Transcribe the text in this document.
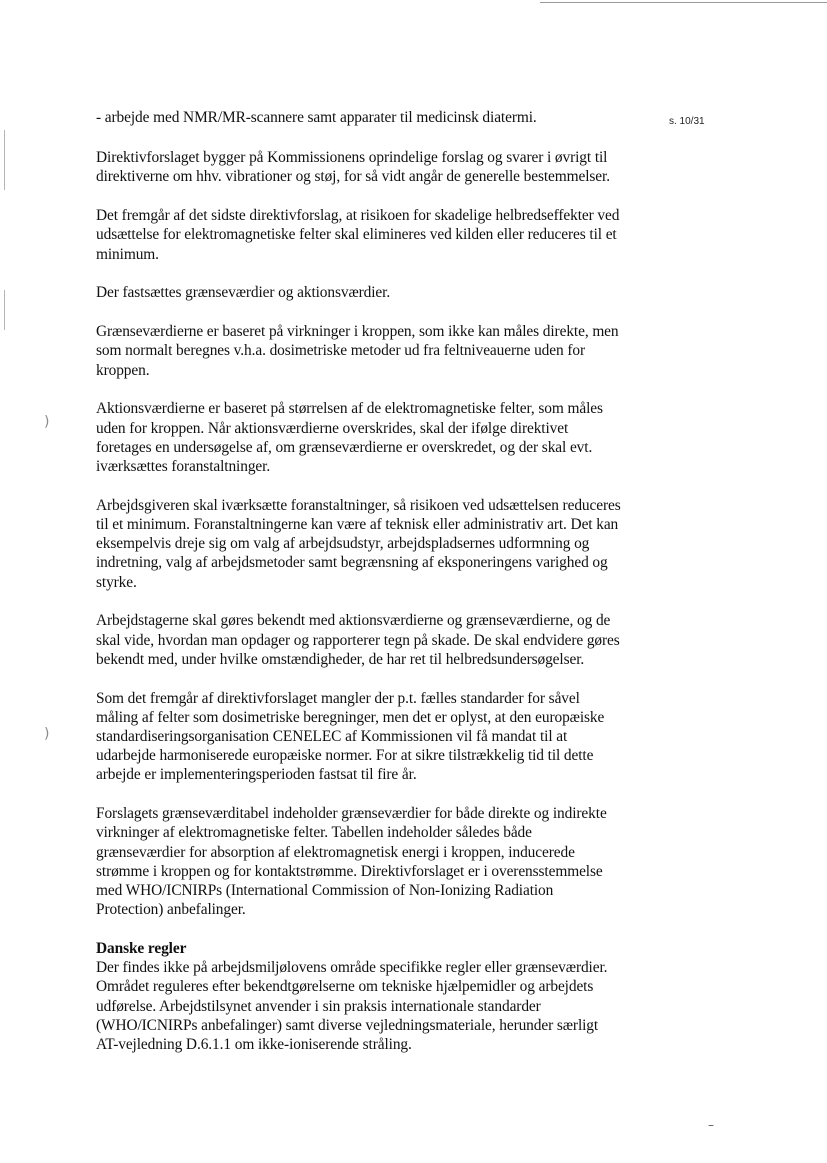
)
)
s. 10/31

- arbejde med NMR/MR-scannere samt apparater til medicinsk diatermi.

Direktivforslaget bygger på Kommissionens oprindelige forslag og svarer i øvrigt til direktiverne om hhv. vibrationer og støj, for så vidt angår de generelle bestemmelser.

Det fremgår af det sidste direktivforslag, at risikoen for skadelige helbredseffekter ved udsættelse for elektromagnetiske felter skal elimineres ved kilden eller reduceres til et minimum.

Der fastsættes grænseværdier og aktionsværdier.

Grænseværdierne er baseret på virkninger i kroppen, som ikke kan måles direkte, men som normalt beregnes v.h.a. dosimetriske metoder ud fra feltniveauerne uden for kroppen.

Aktionsværdierne er baseret på størrelsen af de elektromagnetiske felter, som måles uden for kroppen. Når aktionsværdierne overskrides, skal der ifølge direktivet foretages en undersøgelse af, om grænseværdierne er overskredet, og der skal evt. iværksættes foranstaltninger.

Arbejdsgiveren skal iværksætte foranstaltninger, så risikoen ved udsættelsen reduceres til et minimum. Foranstaltningerne kan være af teknisk eller administrativ art. Det kan eksempelvis dreje sig om valg af arbejdsudstyr, arbejdspladsernes udformning og indretning, valg af arbejdsmetoder samt begrænsning af eksponeringens varighed og styrke.

Arbejdstagerne skal gøres bekendt med aktionsværdierne og grænseværdierne, og de skal vide, hvordan man opdager og rapporterer tegn på skade. De skal endvidere gøres bekendt med, under hvilke omstændigheder, de har ret til helbredsundersøgelser.

Som det fremgår af direktivforslaget mangler der p.t. fælles standarder for såvel måling af felter som dosimetriske beregninger, men det er oplyst, at den europæiske standardiseringsorganisation CENELEC af Kommissionen vil få mandat til at udarbejde harmoniserede europæiske normer. For at sikre tilstrækkelig tid til dette arbejde er implementeringsperioden fastsat til fire år.

Forslagets grænseværditabel indeholder grænseværdier for både direkte og indirekte virkninger af elektromagnetiske felter. Tabellen indeholder således både grænseværdier for absorption af elektromagnetisk energi i kroppen, inducerede strømme i kroppen og for kontaktstrømme. Direktivforslaget er i overensstemmelse med WHO/ICNIRPs (International Commission of Non-Ionizing Radiation Protection) anbefalinger.

Danske regler

Der findes ikke på arbejdsmiljølovens område specifikke regler eller grænseværdier. Området reguleres efter bekendtgørelserne om tekniske hjælpemidler og arbejdets udførelse. Arbejdstilsynet anvender i sin praksis internationale standarder (WHO/ICNIRPs anbefalinger) samt diverse vejledningsmateriale, herunder særligt AT-vejledning D.6.1.1 om ikke-ioniserende stråling.

–
